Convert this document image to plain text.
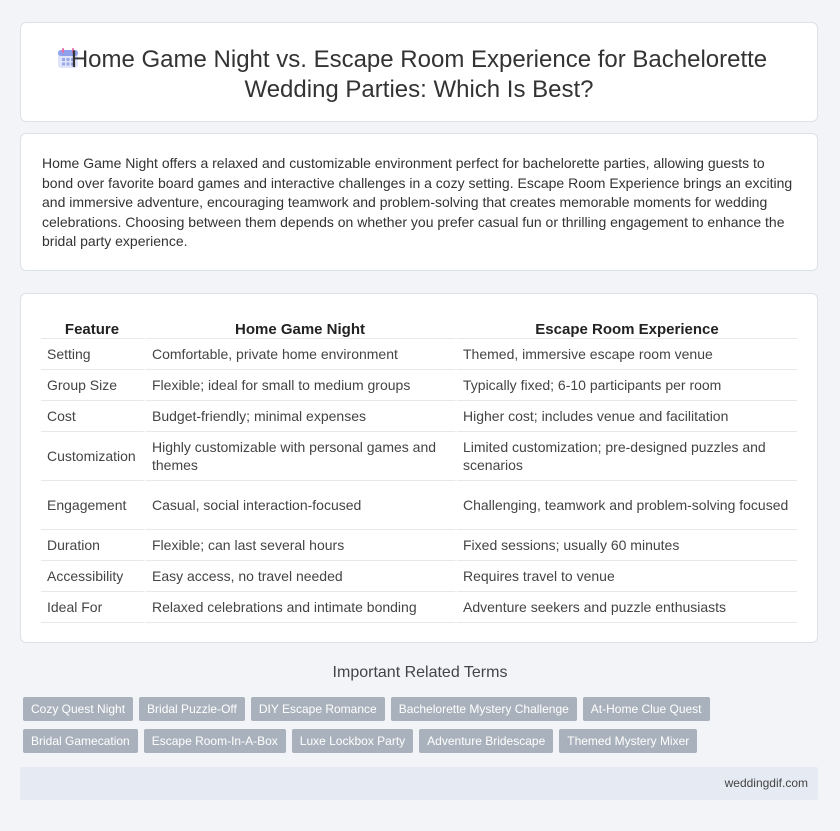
Home Game Night vs. Escape Room Experience for Bachelorette Wedding Parties: Which Is Best?

Home Game Night offers a relaxed and customizable environment perfect for bachelorette parties, allowing guests to bond over favorite board games and interactive challenges in a cozy setting. Escape Room Experience brings an exciting and immersive adventure, encouraging teamwork and problem-solving that creates memorable moments for wedding celebrations. Choosing between them depends on whether you prefer casual fun or thrilling engagement to enhance the bridal party experience.

Feature	Home Game Night	Escape Room Experience
Setting	Comfortable, private home environment	Themed, immersive escape room venue
Group Size	Flexible; ideal for small to medium groups	Typically fixed; 6-10 participants per room
Cost	Budget-friendly; minimal expenses	Higher cost; includes venue and facilitation
Customization	Highly customizable with personal games and themes	Limited customization; pre-designed puzzles and scenarios
Engagement	Casual, social interaction-focused	Challenging, teamwork and problem-solving focused
Duration	Flexible; can last several hours	Fixed sessions; usually 60 minutes
Accessibility	Easy access, no travel needed	Requires travel to venue
Ideal For	Relaxed celebrations and intimate bonding	Adventure seekers and puzzle enthusiasts
Important Related Terms
Cozy Quest Night	Bridal Puzzle-Off	DIY Escape Romance	Bachelorette Mystery Challenge	At-Home Clue Quest
Bridal Gamecation	Escape Room-In-A-Box	Luxe Lockbox Party	Adventure Bridescape	Themed Mystery Mixer
weddingdif.com
